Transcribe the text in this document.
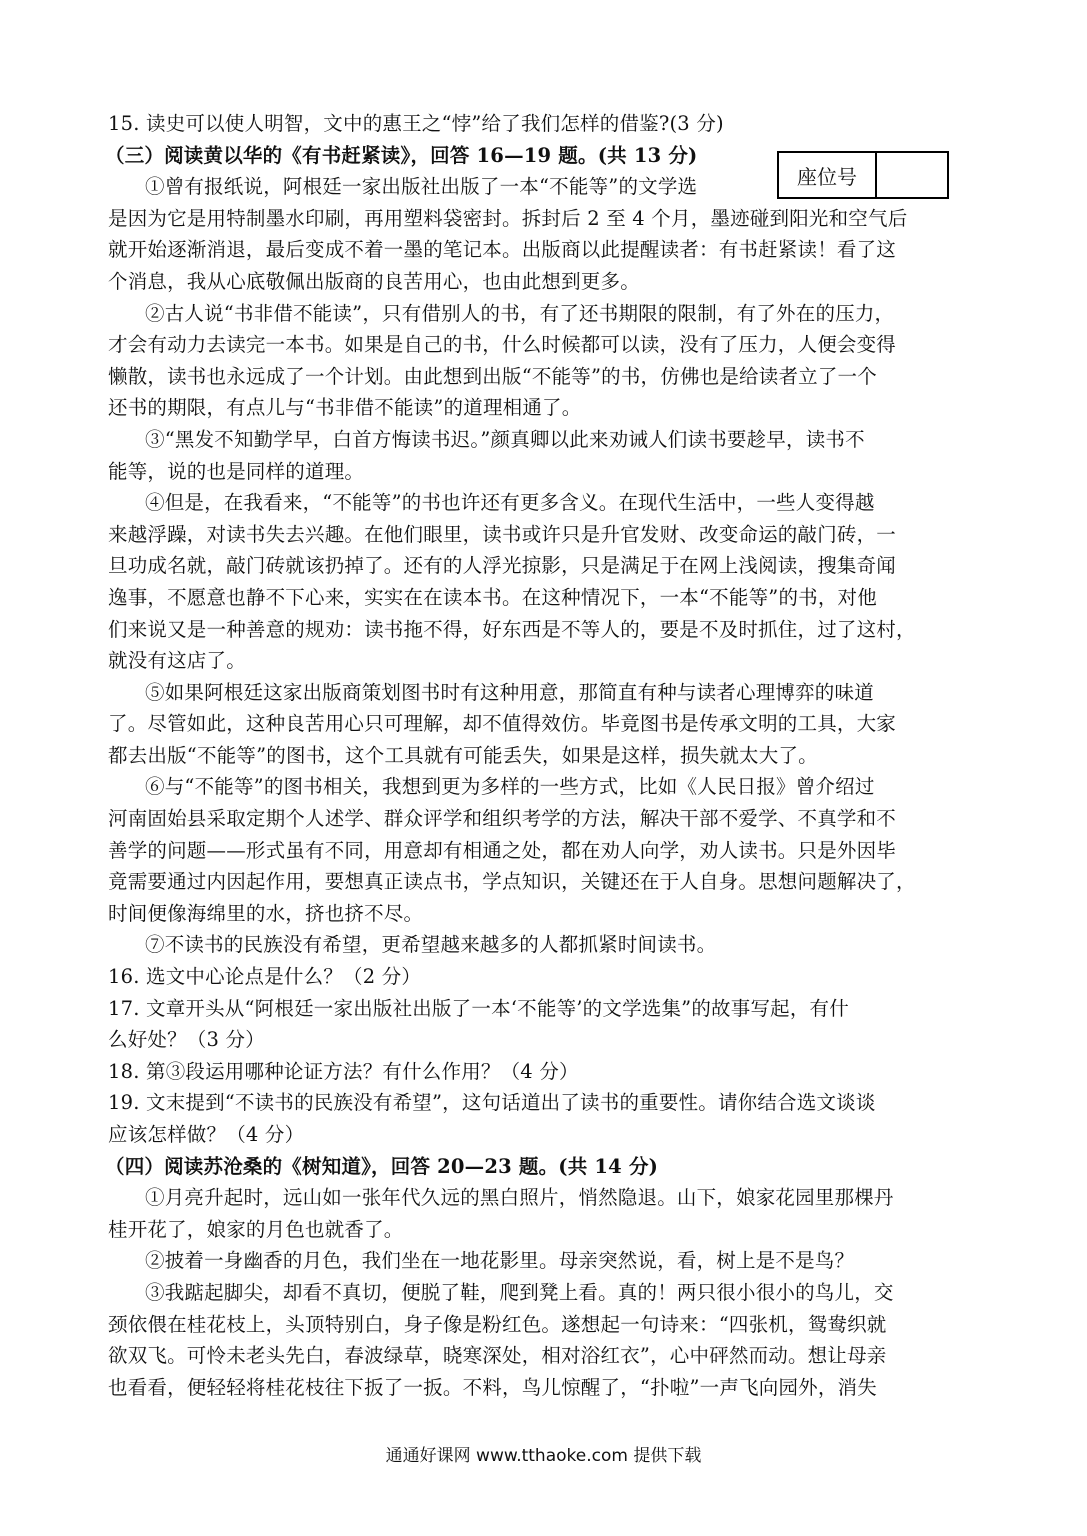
15. 读史可以使人明智，文中的惠王之“悖”给了我们怎样的借鉴?(3 分)
（三）阅读黄以华的《有书赶紧读》，回答 16—19 题。(共 13 分)
①曾有报纸说，阿根廷一家出版社出版了一本“不能等”的文学选
是因为它是用特制墨水印刷，再用塑料袋密封。拆封后 2 至 4 个月，墨迹碰到阳光和空气后
就开始逐渐消退，最后变成不着一墨的笔记本。出版商以此提醒读者：有书赶紧读！看了这
个消息，我从心底敬佩出版商的良苦用心，也由此想到更多。
②古人说“书非借不能读”，只有借别人的书，有了还书期限的限制，有了外在的压力，
才会有动力去读完一本书。如果是自己的书，什么时候都可以读，没有了压力，人便会变得
懒散，读书也永远成了一个计划。由此想到出版“不能等”的书，仿佛也是给读者立了一个
还书的期限，有点儿与“书非借不能读”的道理相通了。
③“黑发不知勤学早，白首方悔读书迟。”颜真卿以此来劝诫人们读书要趁早，读书不
能等，说的也是同样的道理。
④但是，在我看来，“不能等”的书也许还有更多含义。在现代生活中，一些人变得越
来越浮躁，对读书失去兴趣。在他们眼里，读书或许只是升官发财、改变命运的敲门砖，一
旦功成名就，敲门砖就该扔掉了。还有的人浮光掠影，只是满足于在网上浅阅读，搜集奇闻
逸事，不愿意也静不下心来，实实在在读本书。在这种情况下，一本“不能等”的书，对他
们来说又是一种善意的规劝：读书拖不得，好东西是不等人的，要是不及时抓住，过了这村，
就没有这店了。
⑤如果阿根廷这家出版商策划图书时有这种用意，那简直有种与读者心理博弈的味道
了。尽管如此，这种良苦用心只可理解，却不值得效仿。毕竟图书是传承文明的工具，大家
都去出版“不能等”的图书，这个工具就有可能丢失，如果是这样，损失就太大了。
⑥与“不能等”的图书相关，我想到更为多样的一些方式，比如《人民日报》曾介绍过
河南固始县采取定期个人述学、群众评学和组织考学的方法，解决干部不爱学、不真学和不
善学的问题——形式虽有不同，用意却有相通之处，都在劝人向学，劝人读书。只是外因毕
竟需要通过内因起作用，要想真正读点书，学点知识，关键还在于人自身。思想问题解决了，
时间便像海绵里的水，挤也挤不尽。
⑦不读书的民族没有希望，更希望越来越多的人都抓紧时间读书。
16. 选文中心论点是什么？（2 分）
17. 文章开头从“阿根廷一家出版社出版了一本‘不能等’的文学选集”的故事写起，有什
么好处？（3 分）
18. 第③段运用哪种论证方法？有什么作用？（4 分）
19. 文末提到“不读书的民族没有希望”，这句话道出了读书的重要性。请你结合选文谈谈
应该怎样做？（4 分）
（四）阅读苏沧桑的《树知道》，回答 20—23 题。(共 14 分)
①月亮升起时，远山如一张年代久远的黑白照片，悄然隐退。山下，娘家花园里那棵丹
桂开花了，娘家的月色也就香了。
②披着一身幽香的月色，我们坐在一地花影里。母亲突然说，看，树上是不是鸟？
③我踮起脚尖，却看不真切，便脱了鞋，爬到凳上看。真的！两只很小很小的鸟儿，交
颈依偎在桂花枝上，头顶特别白，身子像是粉红色。遂想起一句诗来：“四张机，鸳鸯织就
欲双飞。可怜未老头先白，春波绿草，晓寒深处，相对浴红衣”，心中砰然而动。想让母亲
也看看，便轻轻将桂花枝往下扳了一扳。不料，鸟儿惊醒了，“扑啦”一声飞向园外，消失
座位号
通通好课网 www.tthaoke.com 提供下载
